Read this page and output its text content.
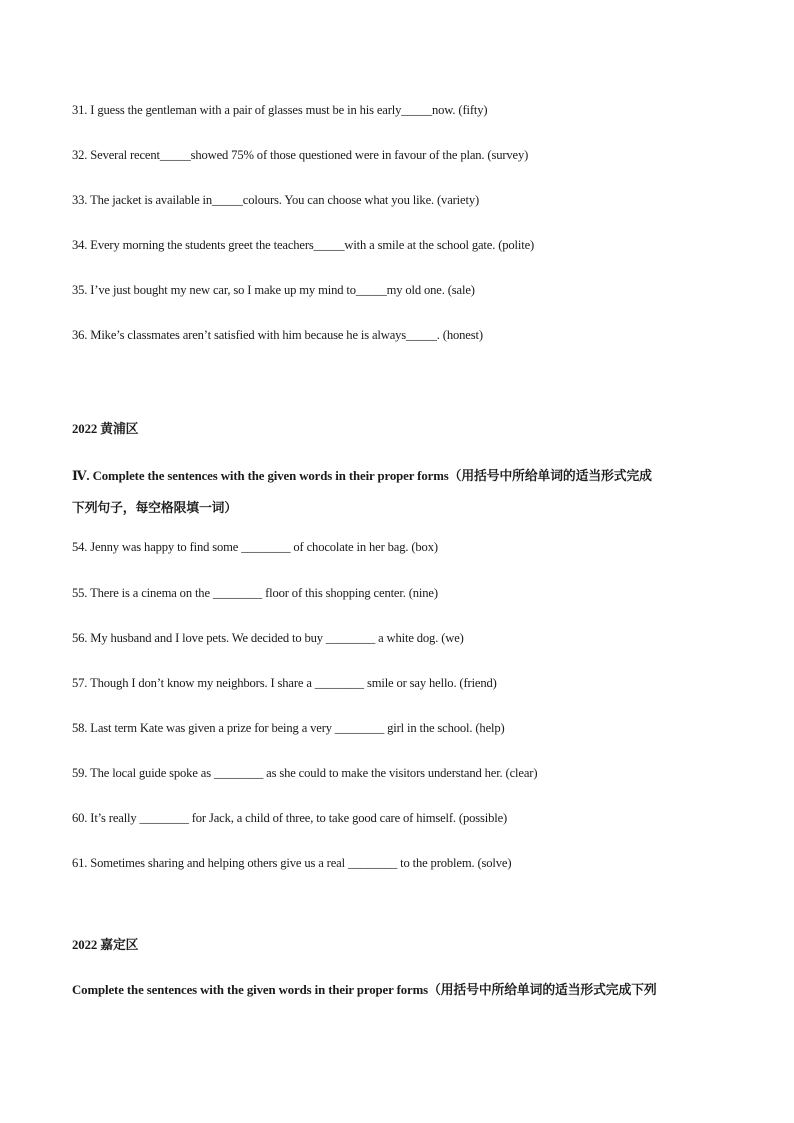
31. I guess the gentleman with a pair of glasses must be in his early_____now. (fifty)
32. Several recent_____showed 75% of those questioned were in favour of the plan. (survey)
33. The jacket is available in_____colours. You can choose what you like. (variety)
34. Every morning the students greet the teachers_____with a smile at the school gate. (polite)
35. I’ve just bought my new car, so I make up my mind to_____my old one. (sale)
36. Mike’s classmates aren’t satisfied with him because he is always_____. (honest)
2022 黄浦区
Ⅳ. Complete the sentences with the given words in their proper forms（用括号中所给单词的适当形式完成
下列句子，每空格限填一词）
54. Jenny was happy to find some ________ of chocolate in her bag. (box)
55. There is a cinema on the ________ floor of this shopping center. (nine)
56. My husband and I love pets. We decided to buy ________ a white dog. (we)
57. Though I don’t know my neighbors. I share a ________ smile or say hello. (friend)
58. Last term Kate was given a prize for being a very ________ girl in the school. (help)
59. The local guide spoke as ________ as she could to make the visitors understand her. (clear)
60. It’s really ________ for Jack, a child of three, to take good care of himself. (possible)
61. Sometimes sharing and helping others give us a real ________ to the problem. (solve)
2022 嘉定区
Complete the sentences with the given words in their proper forms（用括号中所给单词的适当形式完成下列
